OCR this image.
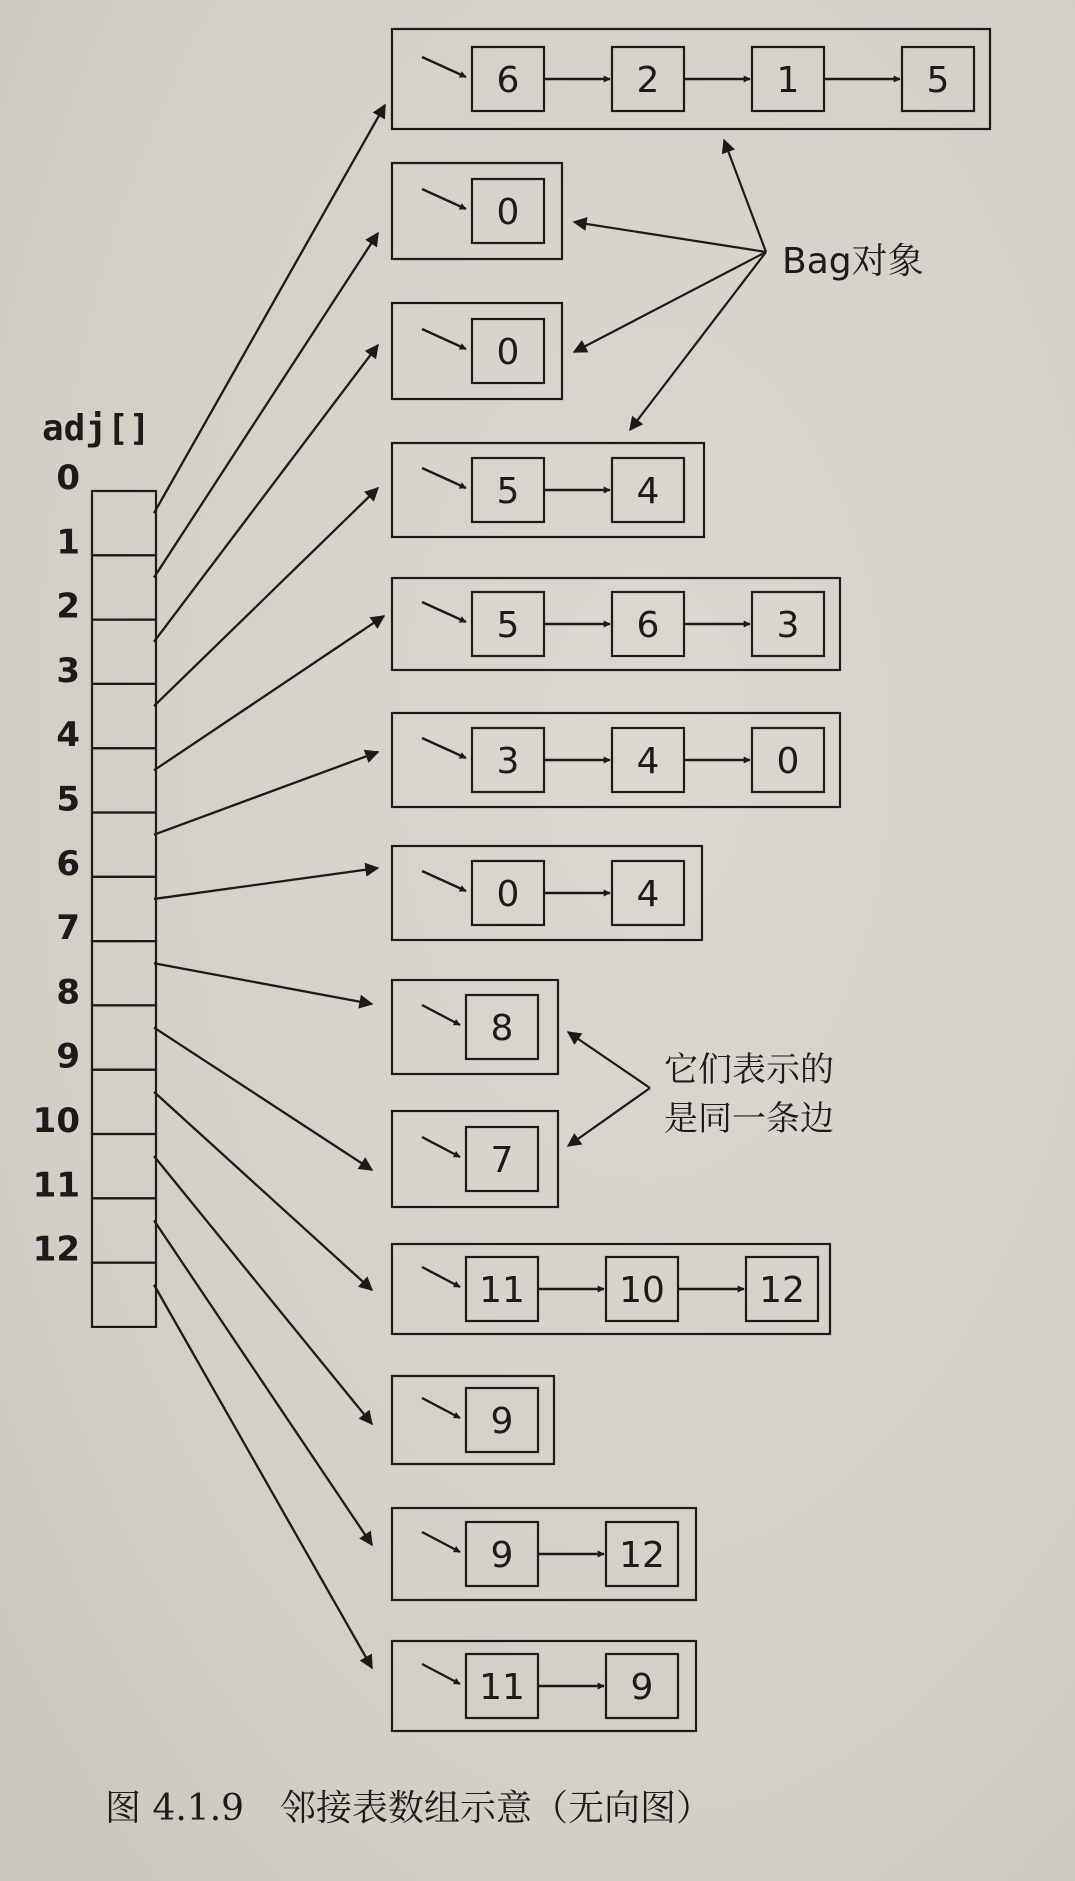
adj[]
Bag对象
它们表示的
是同一条边
图 4.1.9　邻接表数组示意（无向图）
0
1
2
3
4
5
6
7
8
9
10
11
12
6	2	1	5
0
0
5	4
5	6	3
3	4	0
0	4
8
7
11	10	12
9
9	12
11	9
